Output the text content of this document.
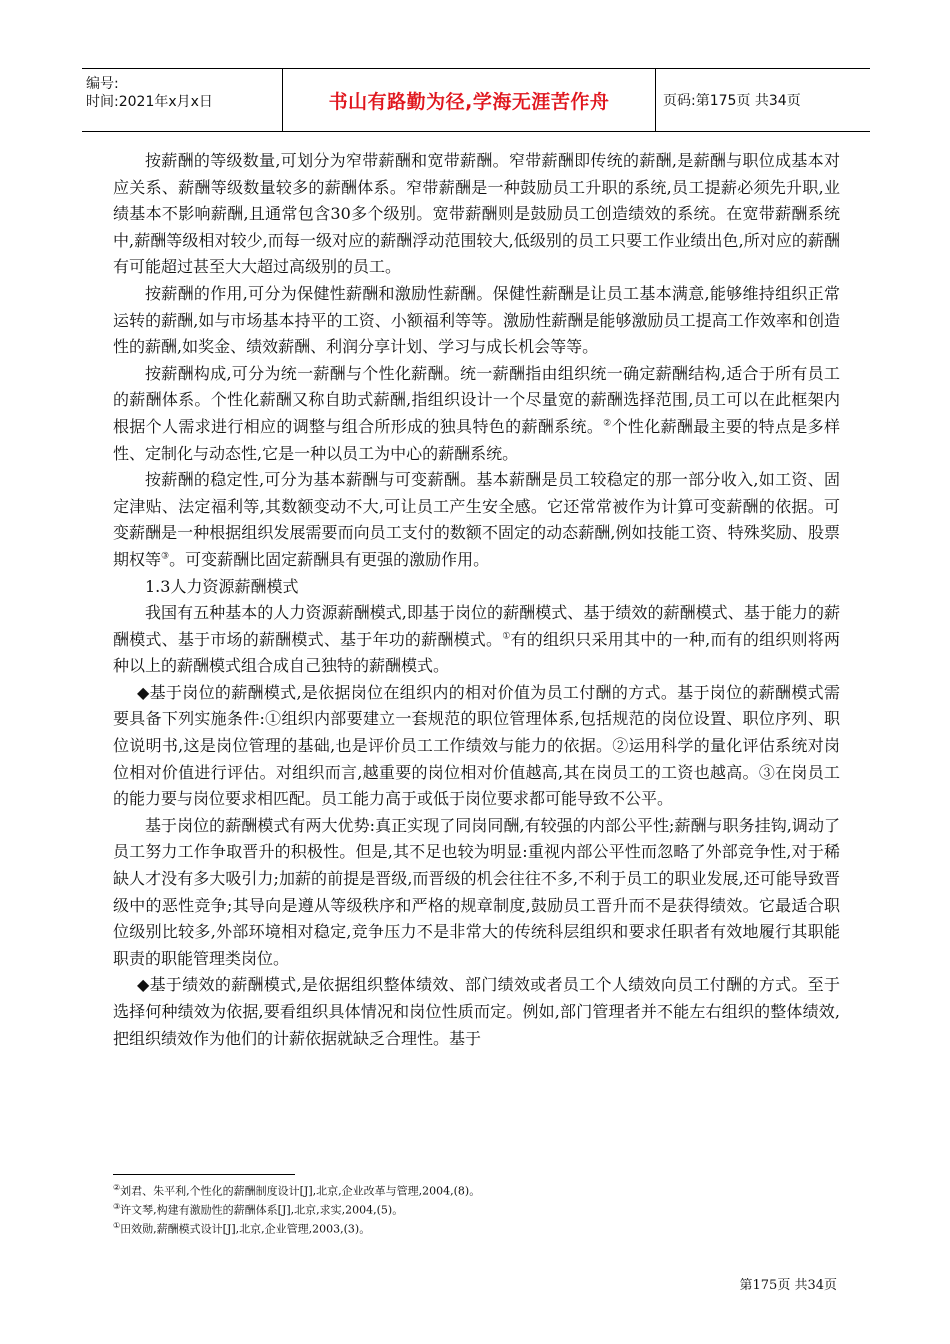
编号:
时间:2021年x月x日	书山有路勤为径,学海无涯苦作舟	页码:第175页 共34页

按薪酬的等级数量,可划分为窄带薪酬和宽带薪酬。窄带薪酬即传统的薪酬,是薪酬与职位成基本对应关系、薪酬等级数量较多的薪酬体系。窄带薪酬是一种鼓励员工升职的系统,员工提薪必须先升职,业绩基本不影响薪酬,且通常包含30多个级别。宽带薪酬则是鼓励员工创造绩效的系统。在宽带薪酬系统中,薪酬等级相对较少,而每一级对应的薪酬浮动范围较大,低级别的员工只要工作业绩出色,所对应的薪酬有可能超过甚至大大超过高级别的员工。

按薪酬的作用,可分为保健性薪酬和激励性薪酬。保健性薪酬是让员工基本满意,能够维持组织正常运转的薪酬,如与市场基本持平的工资、小额福利等等。激励性薪酬是能够激励员工提高工作效率和创造性的薪酬,如奖金、绩效薪酬、利润分享计划、学习与成长机会等等。

按薪酬构成,可分为统一薪酬与个性化薪酬。统一薪酬指由组织统一确定薪酬结构,适合于所有员工的薪酬体系。个性化薪酬又称自助式薪酬,指组织设计一个尽量宽的薪酬选择范围,员工可以在此框架内根据个人需求进行相应的调整与组合所形成的独具特色的薪酬系统。②个性化薪酬最主要的特点是多样性、定制化与动态性,它是一种以员工为中心的薪酬系统。

按薪酬的稳定性,可分为基本薪酬与可变薪酬。基本薪酬是员工较稳定的那一部分收入,如工资、固定津贴、法定福利等,其数额变动不大,可让员工产生安全感。它还常常被作为计算可变薪酬的依据。可变薪酬是一种根据组织发展需要而向员工支付的数额不固定的动态薪酬,例如技能工资、特殊奖励、股票期权等③。可变薪酬比固定薪酬具有更强的激励作用。

1.3人力资源薪酬模式

我国有五种基本的人力资源薪酬模式,即基于岗位的薪酬模式、基于绩效的薪酬模式、基于能力的薪酬模式、基于市场的薪酬模式、基于年功的薪酬模式。①有的组织只采用其中的一种,而有的组织则将两种以上的薪酬模式组合成自己独特的薪酬模式。

◆基于岗位的薪酬模式,是依据岗位在组织内的相对价值为员工付酬的方式。基于岗位的薪酬模式需要具备下列实施条件:①组织内部要建立一套规范的职位管理体系,包括规范的岗位设置、职位序列、职位说明书,这是岗位管理的基础,也是评价员工工作绩效与能力的依据。②运用科学的量化评估系统对岗位相对价值进行评估。对组织而言,越重要的岗位相对价值越高,其在岗员工的工资也越高。③在岗员工的能力要与岗位要求相匹配。员工能力高于或低于岗位要求都可能导致不公平。

基于岗位的薪酬模式有两大优势:真正实现了同岗同酬,有较强的内部公平性;薪酬与职务挂钩,调动了员工努力工作争取晋升的积极性。但是,其不足也较为明显:重视内部公平性而忽略了外部竞争性,对于稀缺人才没有多大吸引力;加薪的前提是晋级,而晋级的机会往往不多,不利于员工的职业发展,还可能导致晋级中的恶性竞争;其导向是遵从等级秩序和严格的规章制度,鼓励员工晋升而不是获得绩效。它最适合职位级别比较多,外部环境相对稳定,竞争压力不是非常大的传统科层组织和要求任职者有效地履行其职能职责的职能管理类岗位。

◆基于绩效的薪酬模式,是依据组织整体绩效、部门绩效或者员工个人绩效向员工付酬的方式。至于选择何种绩效为依据,要看组织具体情况和岗位性质而定。例如,部门管理者并不能左右组织的整体绩效,把组织绩效作为他们的计薪依据就缺乏合理性。基于

②刘君、朱平利,个性化的薪酬制度设计[J],北京,企业改革与管理,2004,(8)。
③许文琴,构建有激励性的薪酬体系[J],北京,求实,2004,(5)。
①田效勋,薪酬模式设计[J],北京,企业管理,2003,(3)。
第175页 共34页
